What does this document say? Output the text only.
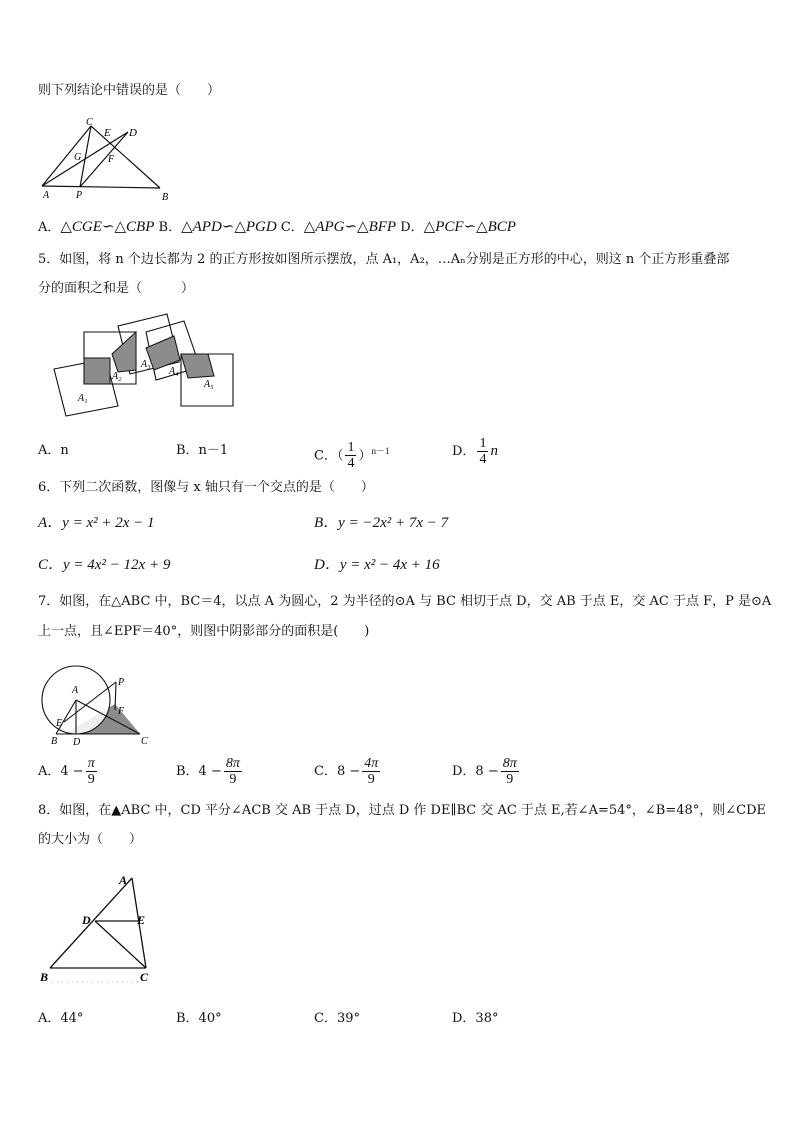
则下列结论中错误的是（　　）
C
E D
G	F
A	P	B
A．△CGE∽△CBP B．△APD∽△PGD C．△APG∽△BFP D．△PCF∽△BCP
5．如图，将 n 个边长都为 2 的正方形按如图所示摆放，点 A₁，A₂，…Aₙ分别是正方形的中心，则这 n 个正方形重叠部
分的面积之和是（　　　）
A₁
A₂
A₃
A₄
A₅
A．n	B．n－1	C．（ $\frac{1}{4} )^{n-1}$	D． $\frac{1}{4}$ n
6．下列二次函数，图像与 x 轴只有一个交点的是（　　）
A．y = x² + 2x − 1	B．y = −2x² + 7x − 7
C．y = 4x² − 12x + 9	D．y = x² − 4x + 16
7．如图，在△ABC 中，BC＝4，以点 A 为圆心，2 为半径的⊙A 与 BC 相切于点 D，交 AB 于点 E，交 AC 于点 F，P 是⊙A
上一点，且∠EPF＝40°，则图中阴影部分的面积是(　　)
A
P
F
E
B D	C
A．$4 - \frac{\pi}{9}$	B．$4 - \frac{8\pi}{9}$	C．$8 - \frac{4\pi}{9}$	D．$8 - \frac{8\pi}{9}$
8．如图，在▲ABC 中，CD 平分∠ACB 交 AB 于点 D，过点 D 作 DE∥BC 交 AC 于点 E,若∠A=54°，∠B=48°，则∠CDE
的大小为（　　）
A
D	E
B	C
A．44°	B．40°	C．39°	D．38°
